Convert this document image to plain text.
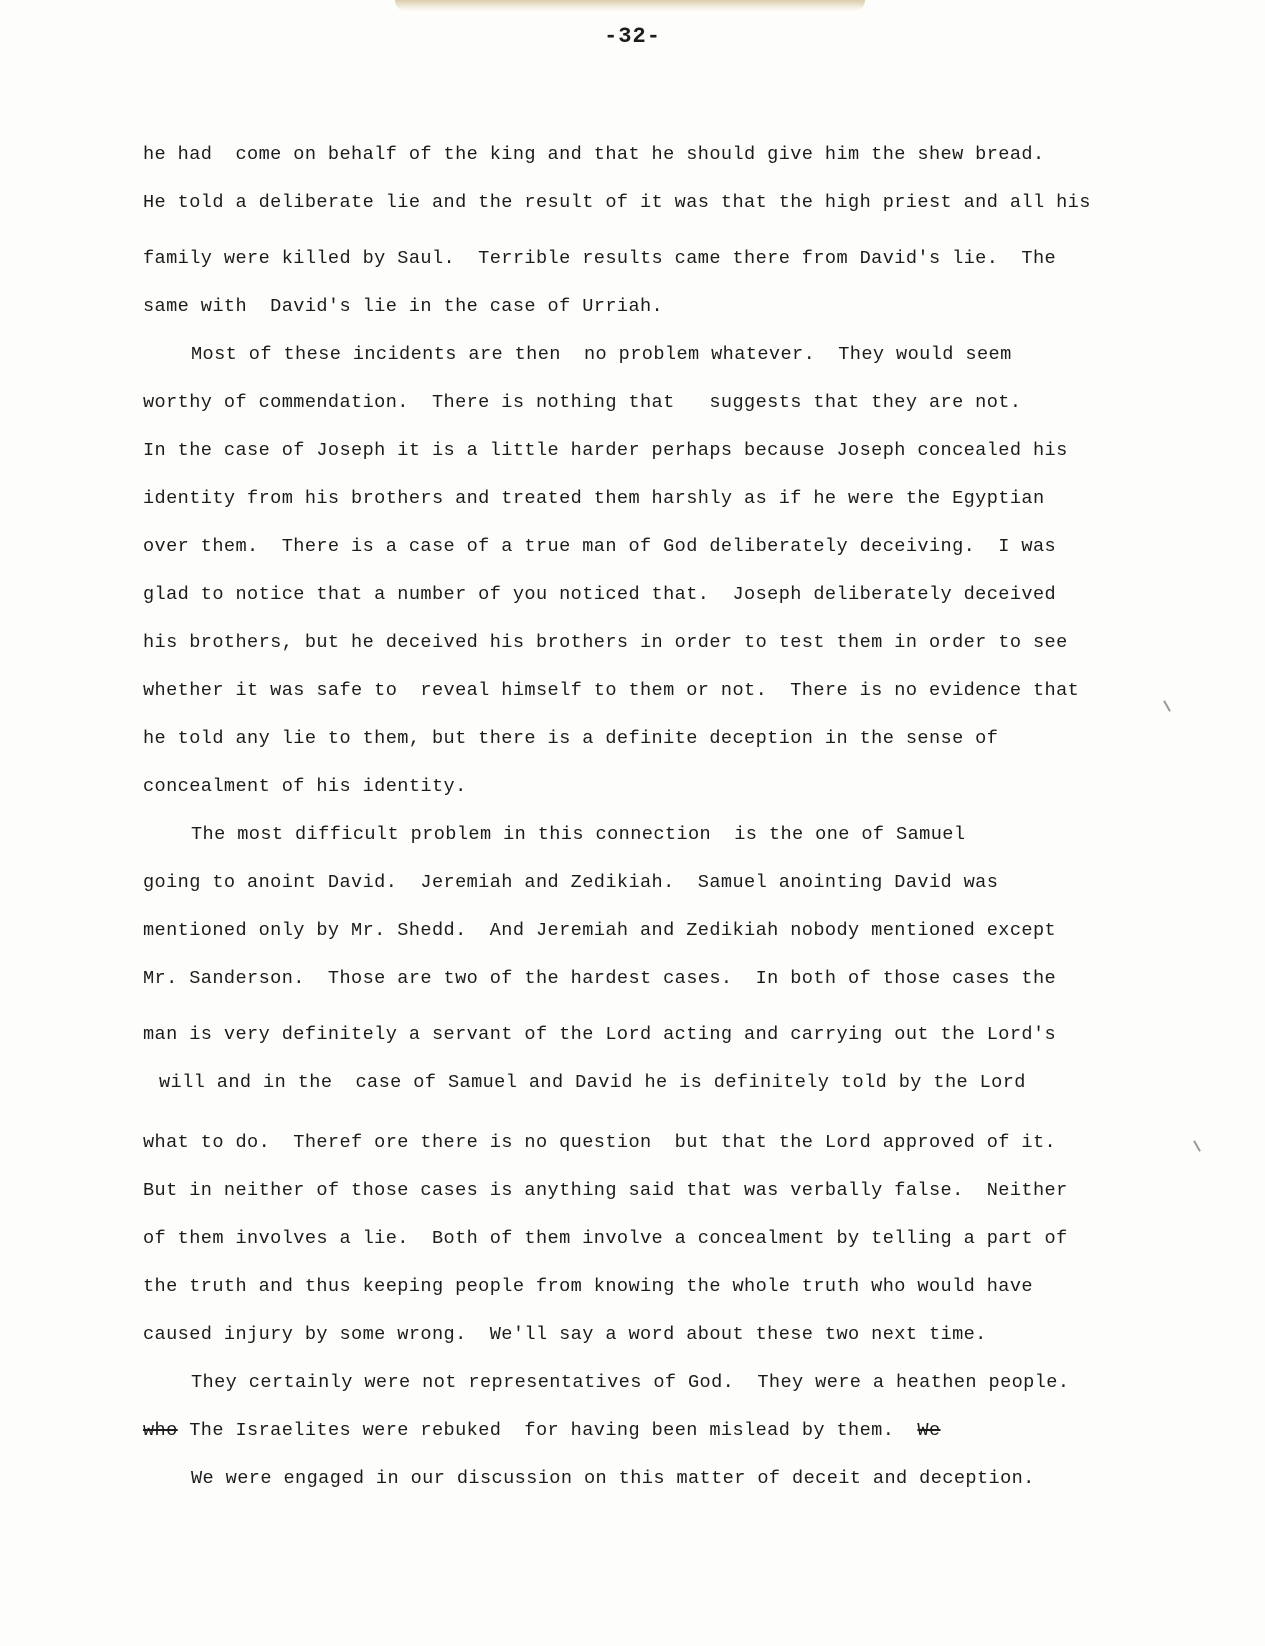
-32-
he had  come on behalf of the king and that he should give him the shew bread.
He told a deliberate lie and the result of it was that the high priest and all his
family were killed by Saul.  Terrible results came there from David's lie.  The
same with  David's lie in the case of Urriah.
Most of these incidents are then  no problem whatever.  They would seem
worthy of commendation.  There is nothing that   suggests that they are not.
In the case of Joseph it is a little harder perhaps because Joseph concealed his
identity from his brothers and treated them harshly as if he were the Egyptian
over them.  There is a case of a true man of God deliberately deceiving.  I was
glad to notice that a number of you noticed that.  Joseph deliberately deceived
his brothers, but he deceived his brothers in order to test them in order to see
whether it was safe to  reveal himself to them or not.  There is no evidence that
he told any lie to them, but there is a definite deception in the sense of
concealment of his identity.
The most difficult problem in this connection  is the one of Samuel
going to anoint David.  Jeremiah and Zedikiah.  Samuel anointing David was
mentioned only by Mr. Shedd.  And Jeremiah and Zedikiah nobody mentioned except
Mr. Sanderson.  Those are two of the hardest cases.  In both of those cases the
man is very definitely a servant of the Lord acting and carrying out the Lord's
will and in the  case of Samuel and David he is definitely told by the Lord
what to do.  Theref ore there is no question  but that the Lord approved of it.
But in neither of those cases is anything said that was verbally false.  Neither
of them involves a lie.  Both of them involve a concealment by telling a part of
the truth and thus keeping people from knowing the whole truth who would have
caused injury by some wrong.  We'll say a word about these two next time.
They certainly were not representatives of God.  They were a heathen people.
who The Israelites were rebuked  for having been mislead by them. We
We were engaged in our discussion on this matter of deceit and deception.
